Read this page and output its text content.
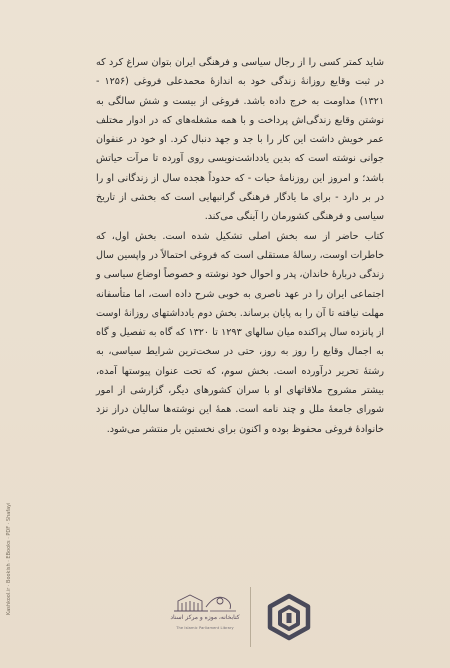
شاید کمتر کسی را از رجال سیاسی و فرهنگی ایران بتوان سراغ کرد که در ثبت وقایع روزانهٔ زندگی خود به اندازهٔ محمدعلی فروغی (۱۲۵۶ - ۱۳۲۱) مداومت به خرج داده باشد. فروغی از بیست و شش سالگی به نوشتن وقایع زندگی‌اش پرداخت و با همه مشغله‌های که در ادوار مختلف عمر خویش داشت این کار را با جد و جهد دنبال کرد. او خود در عنفوان جوانی نوشته است که بدین یادداشت‌نویسی روی آورده تا مرآت حیاتش باشد؛ و امروز این روزنامهٔ حیات - که حدوداً هجده سال از زندگانی او را در بر دارد - برای ما یادگار فرهنگی گرانبهایی است که بخشی از تاریخ سیاسی و فرهنگی کشورمان را آینگی می‌کند.

کتاب حاضر از سه بخش اصلی تشکیل شده است. بخش اول، که خاطرات اوست، رسالهٔ مستقلی است که فروغی احتمالاً در واپسین سال زندگی دربارهٔ خاندان، پدر و احوال خود نوشته و خصوصاً اوضاع سیاسی و اجتماعی ایران را در عهد ناصری به خوبی شرح داده است، اما متأسفانه مهلت نیافته تا آن را به پایان برساند. بخش دوم یادداشتهای روزانهٔ اوست از پانزده سال پراکنده میان سالهای ۱۲۹۳ تا ۱۳۲۰ که گاه به تفصیل و گاه به اجمال وقایع را روز به روز، حتی در سخت‌ترین شرایط سیاسی، به رشتهٔ تحریر درآورده است. بخش سوم، که تحت عنوان پیوستها آمده، بیشتر مشروح ملاقاتهای او با سران کشورهای دیگر، گزارشی از امور شورای جامعهٔ ملل و چند نامه است. همهٔ این نوشته‌ها سالیان دراز نزد خانوادهٔ فروغی محفوظ بوده و اکنون برای نخستین بار منتشر می‌شود.

Kashkool.ir · Bookish · EBooks · PDF · Shafayi
کتابخانه، موزه و مرکز اسناد
The Islamic Parliament Library
